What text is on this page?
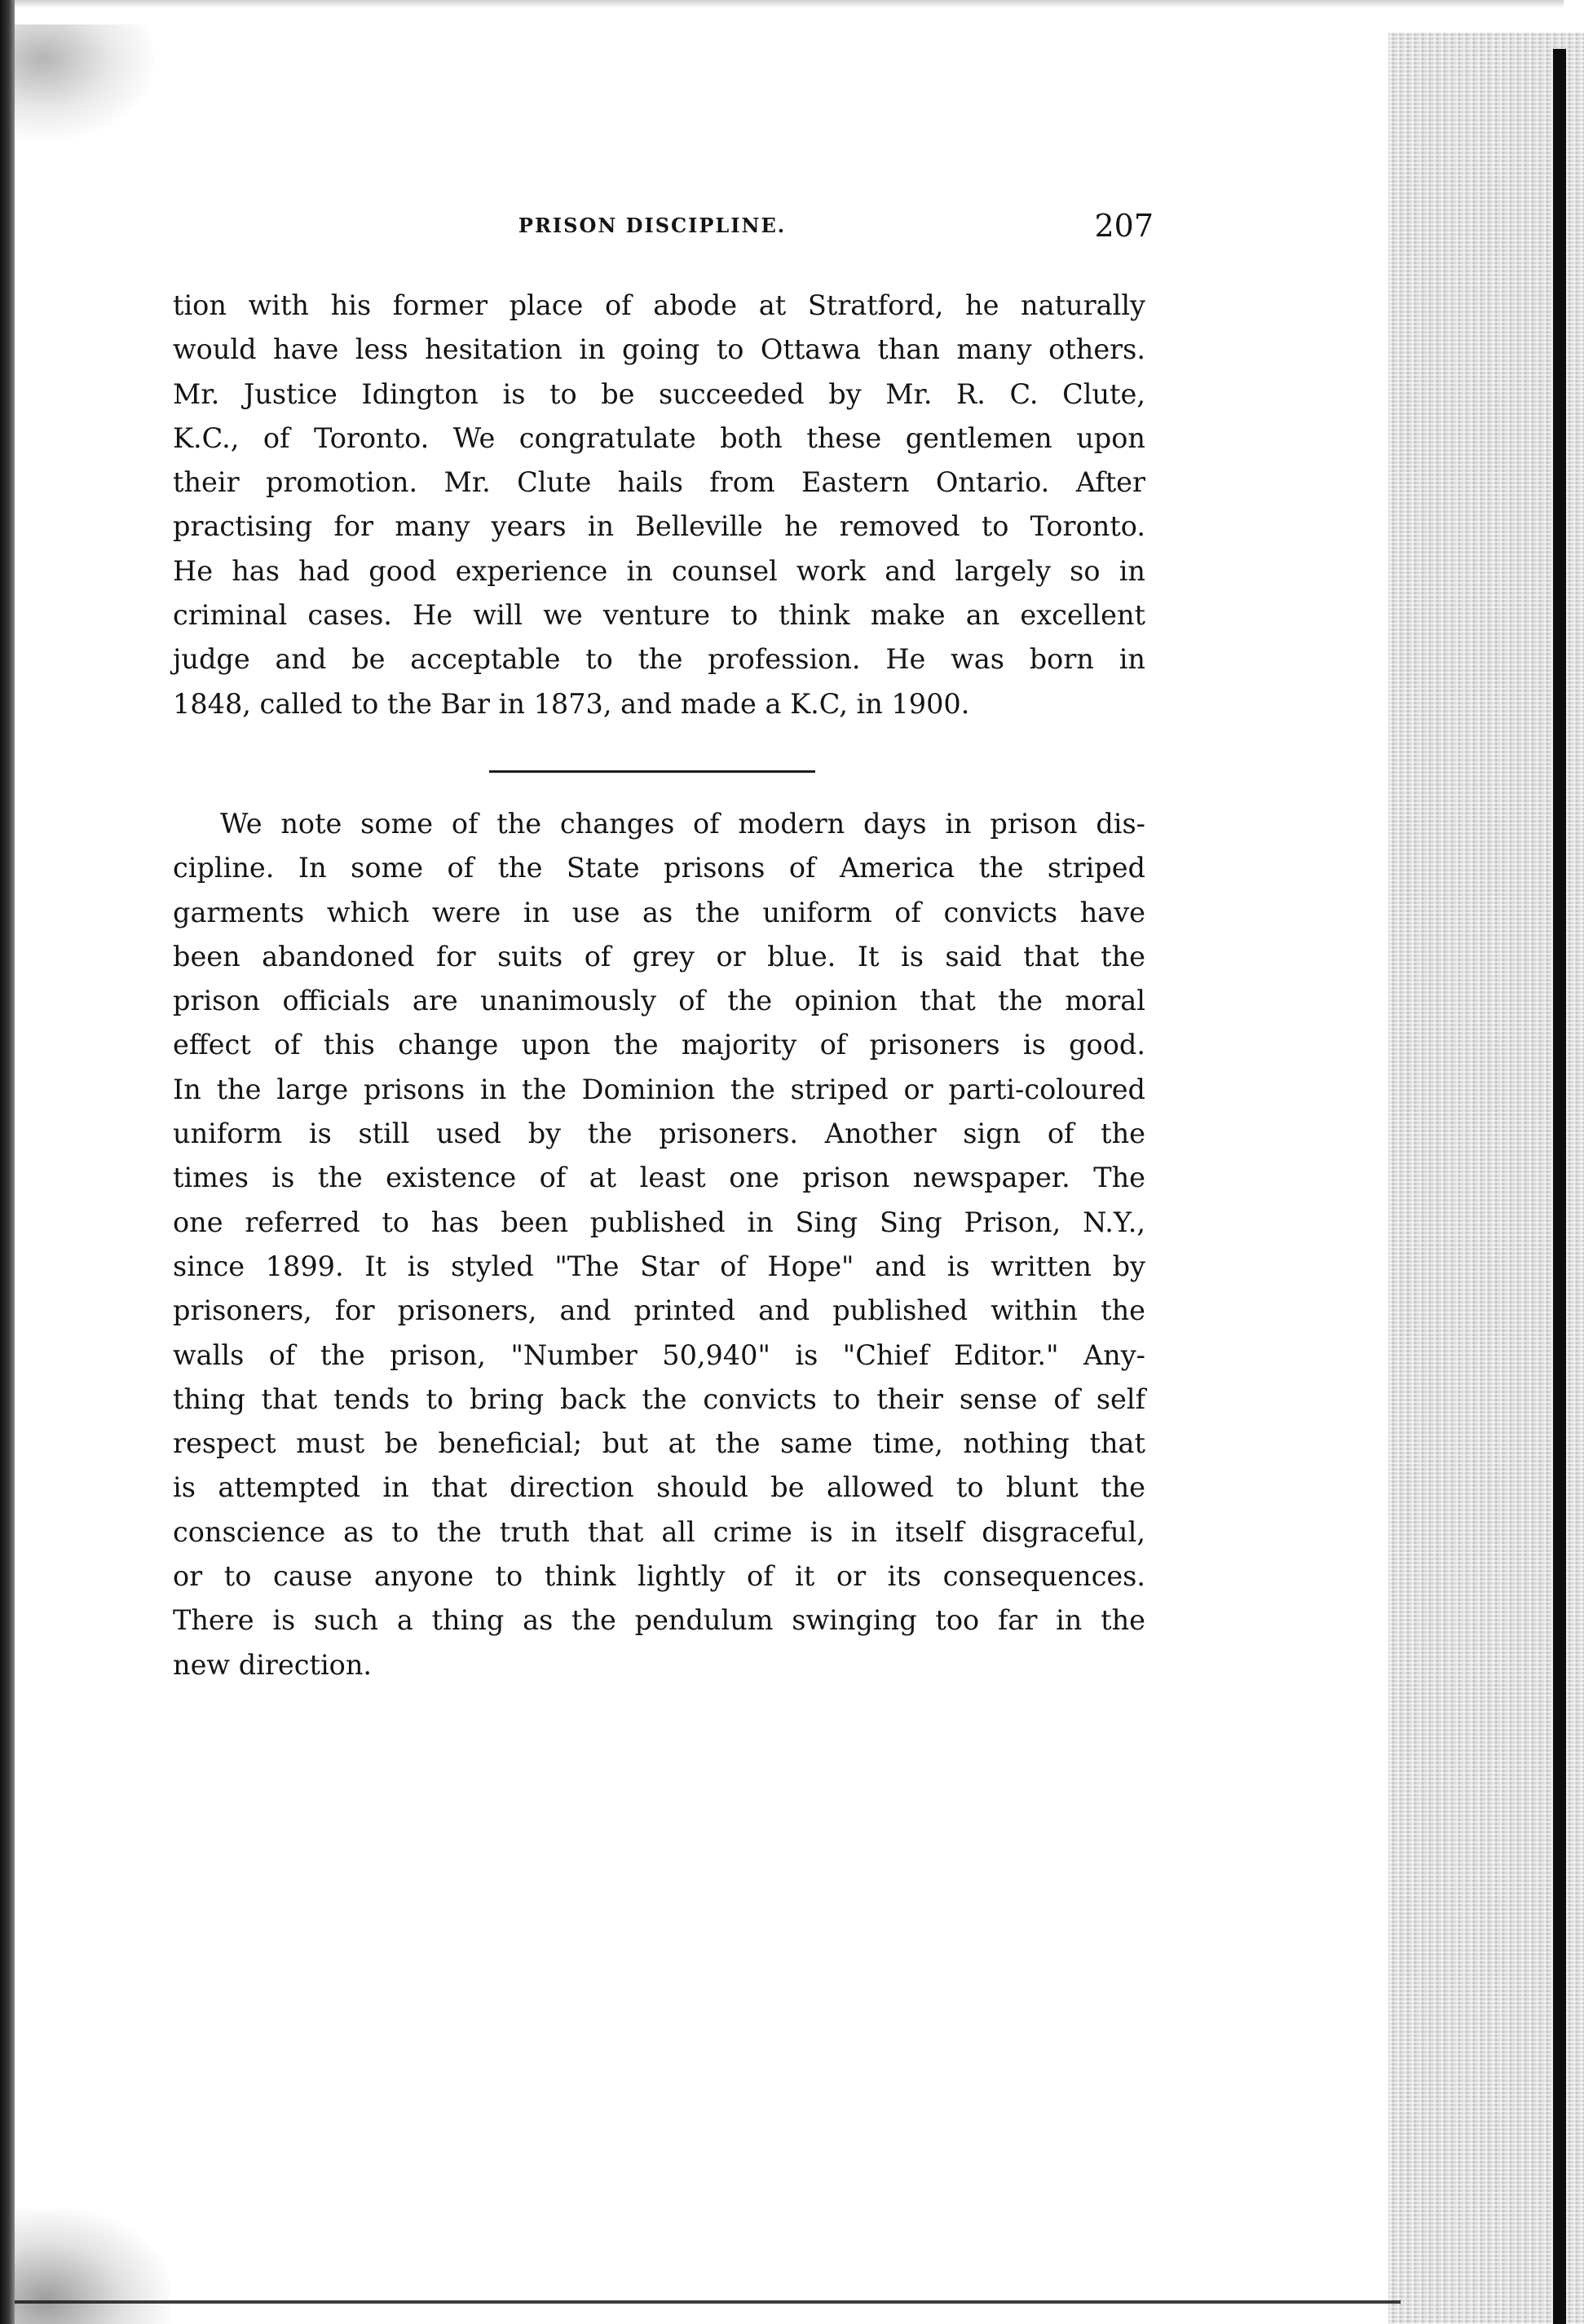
PRISON DISCIPLINE.	207
tion with his former place of abode at Stratford, he naturally
would have less hesitation in going to Ottawa than many others.
Mr. Justice Idington is to be succeeded by Mr. R. C. Clute,
K.C., of Toronto. We congratulate both these gentlemen upon
their promotion. Mr. Clute hails from Eastern Ontario. After
practising for many years in Belleville he removed to Toronto.
He has had good experience in counsel work and largely so in
criminal cases. He will we venture to think make an excellent
judge and be acceptable to the profession. He was born in
1848, called to the Bar in 1873, and made a K.C, in 1900.
We note some of the changes of modern days in prison dis-
cipline. In some of the State prisons of America the striped
garments which were in use as the uniform of convicts have
been abandoned for suits of grey or blue. It is said that the
prison officials are unanimously of the opinion that the moral
effect of this change upon the majority of prisoners is good.
In the large prisons in the Dominion the striped or parti-coloured
uniform is still used by the prisoners. Another sign of the
times is the existence of at least one prison newspaper. The
one referred to has been published in Sing Sing Prison, N.Y.,
since 1899. It is styled "The Star of Hope" and is written by
prisoners, for prisoners, and printed and published within the
walls of the prison, "Number 50,940" is "Chief Editor." Any-
thing that tends to bring back the convicts to their sense of self
respect must be beneficial; but at the same time, nothing that
is attempted in that direction should be allowed to blunt the
conscience as to the truth that all crime is in itself disgraceful,
or to cause anyone to think lightly of it or its consequences.
There is such a thing as the pendulum swinging too far in the
new direction.
